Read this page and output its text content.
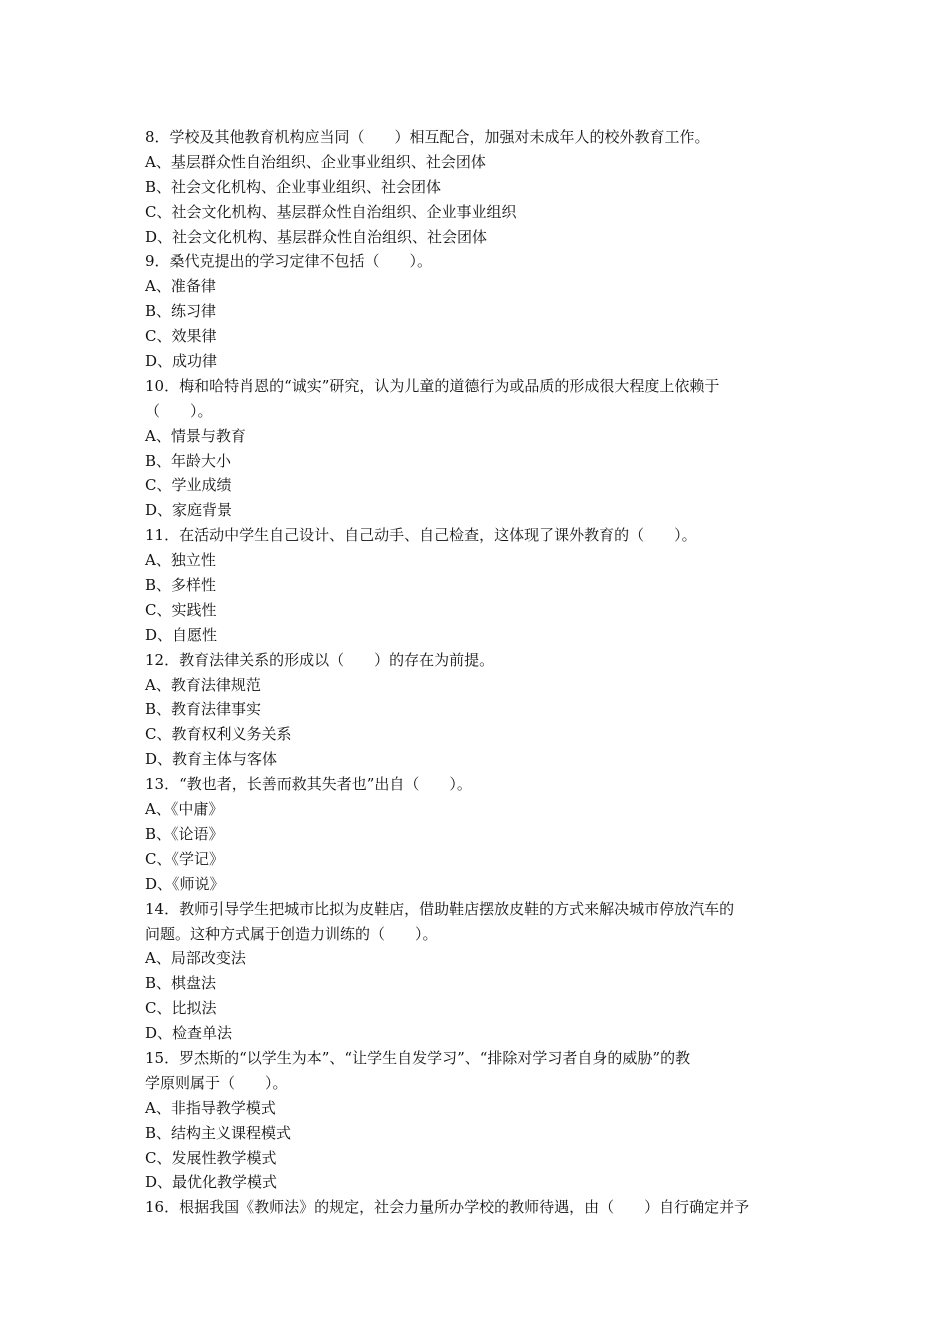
8．学校及其他教育机构应当同（　　）相互配合，加强对未成年人的校外教育工作。
A、基层群众性自治组织、企业事业组织、社会团体
B、社会文化机构、企业事业组织、社会团体
C、社会文化机构、基层群众性自治组织、企业事业组织
D、社会文化机构、基层群众性自治组织、社会团体
9．桑代克提出的学习定律不包括（　　）。
A、准备律
B、练习律
C、效果律
D、成功律
10．梅和哈特肖恩的“诚实”研究，认为儿童的道德行为或品质的形成很大程度上依赖于
（　　）。
A、情景与教育
B、年龄大小
C、学业成绩
D、家庭背景
11．在活动中学生自己设计、自己动手、自己检查，这体现了课外教育的（　　）。
A、独立性
B、多样性
C、实践性
D、自愿性
12．教育法律关系的形成以（　　）的存在为前提。
A、教育法律规范
B、教育法律事实
C、教育权利义务关系
D、教育主体与客体
13．“教也者，长善而救其失者也”出自（　　）。
A、《中庸》
B、《论语》
C、《学记》
D、《师说》
14．教师引导学生把城市比拟为皮鞋店，借助鞋店摆放皮鞋的方式来解决城市停放汽车的
问题。这种方式属于创造力训练的（　　）。
A、局部改变法
B、棋盘法
C、比拟法
D、检查单法
15．罗杰斯的“以学生为本”、“让学生自发学习”、“排除对学习者自身的威胁”的教
学原则属于（　　）。
A、非指导教学模式
B、结构主义课程模式
C、发展性教学模式
D、最优化教学模式
16．根据我国《教师法》的规定，社会力量所办学校的教师待遇，由（　　）自行确定并予
